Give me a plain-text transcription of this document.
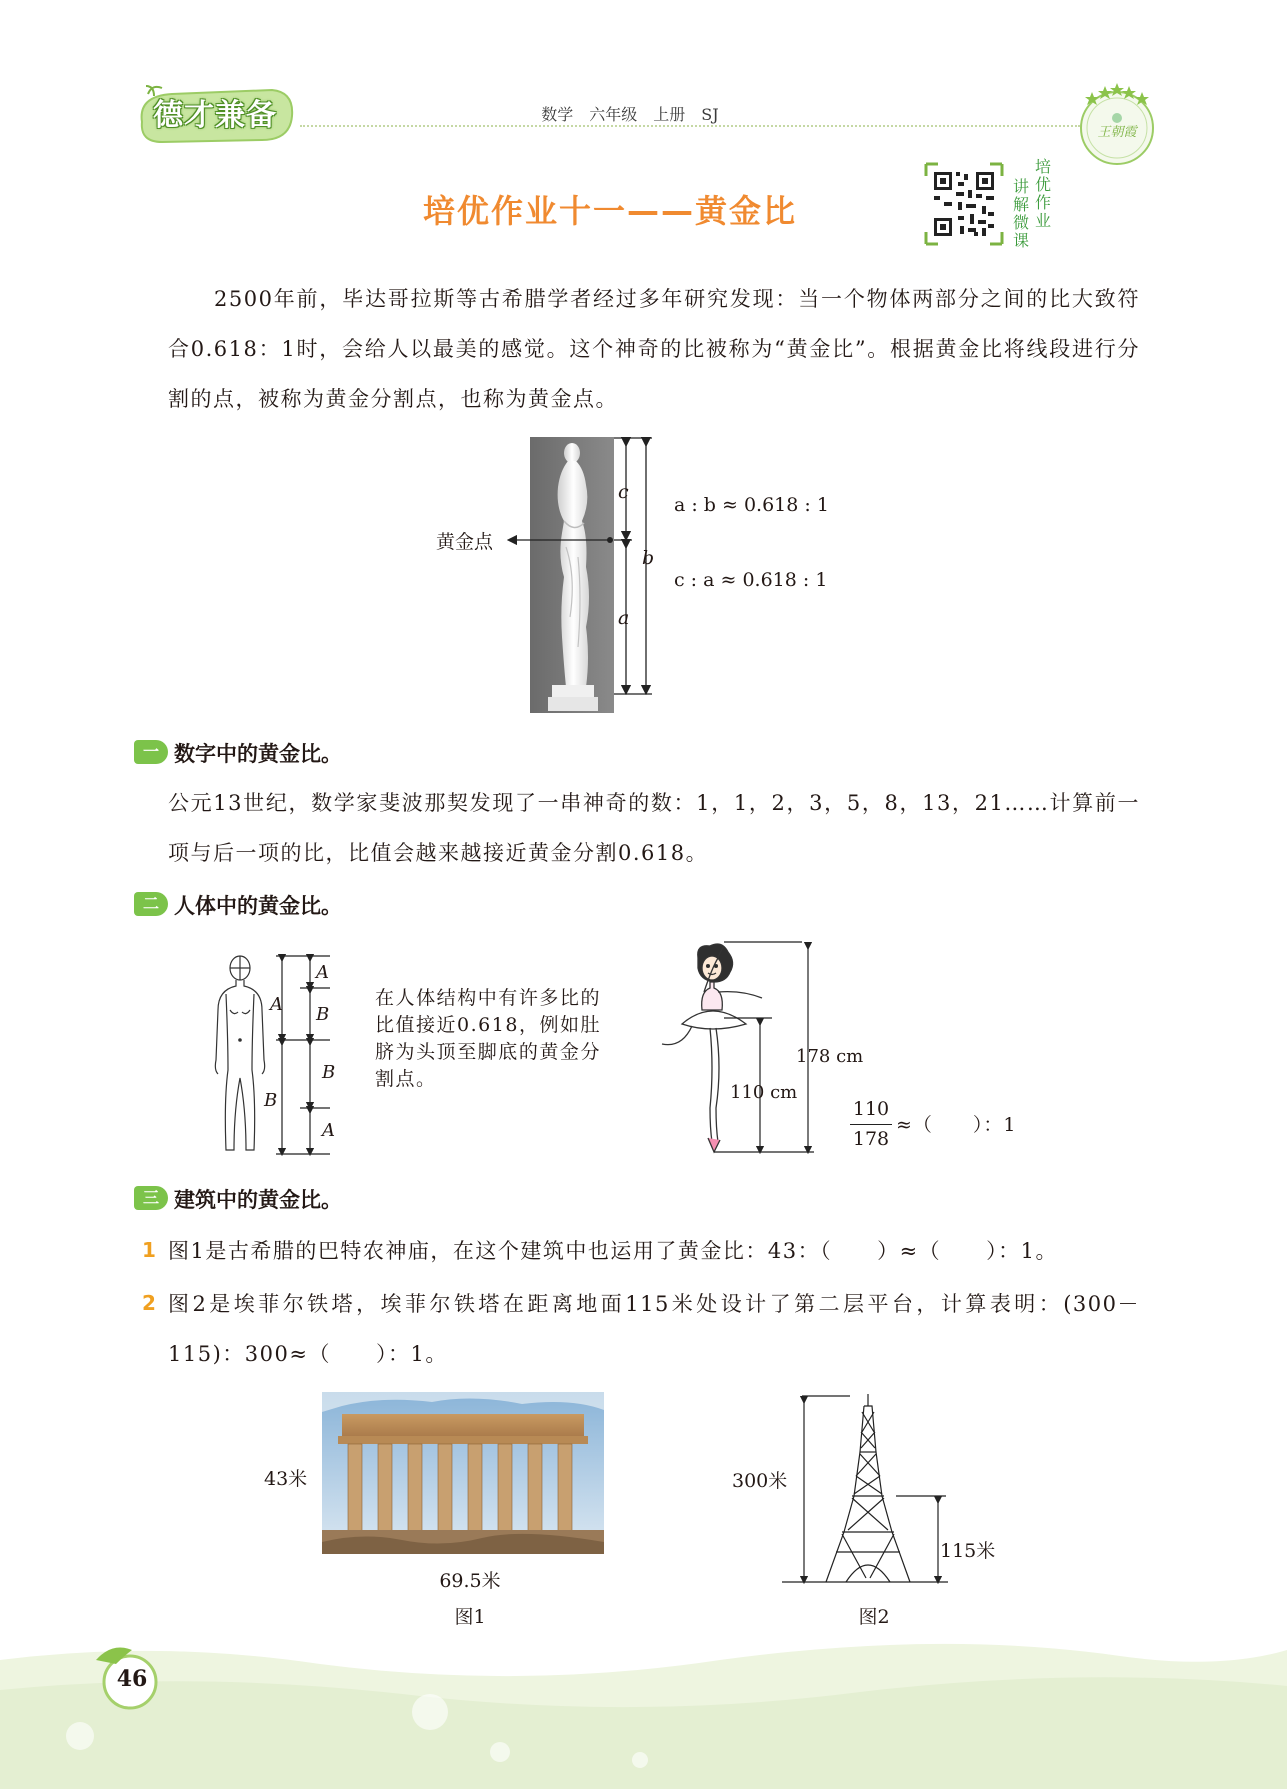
德才兼备	数学　六年级　上册　SJ
王朝霞
培优作业十一——黄金比
讲解微课
培优作业
2500年前，毕达哥拉斯等古希腊学者经过多年研究发现：当一个物体两部分之间的比大致符合0.618：1时，会给人以最美的感觉。这个神奇的比被称为“黄金比”。根据黄金比将线段进行分割的点，被称为黄金分割点，也称为黄金点。
黄金点
c
a
b
a : b ≈ 0.618 : 1
c : a ≈ 0.618 : 1
一 数字中的黄金比。
公元13世纪，数学家斐波那契发现了一串神奇的数：1，1，2，3，5，8，13，21……计算前一项与后一项的比，比值会越来越接近黄金分割0.618。
二 人体中的黄金比。
A
A B
B
B
A
在人体结构中有许多比的比值接近0.618，例如肚脐为头顶至脚底的黄金分割点。
178 cm
110 cm
110
178
≈（　　）：1
三 建筑中的黄金比。
1 图1是古希腊的巴特农神庙，在这个建筑中也运用了黄金比：43：（　　）≈（　　）：1。
2 图2是埃菲尔铁塔，埃菲尔铁塔在距离地面115米处设计了第二层平台，计算表明：(300－115)：300≈（　　）：1。
43米
69.5米
图1
300米
115米
图2
46
